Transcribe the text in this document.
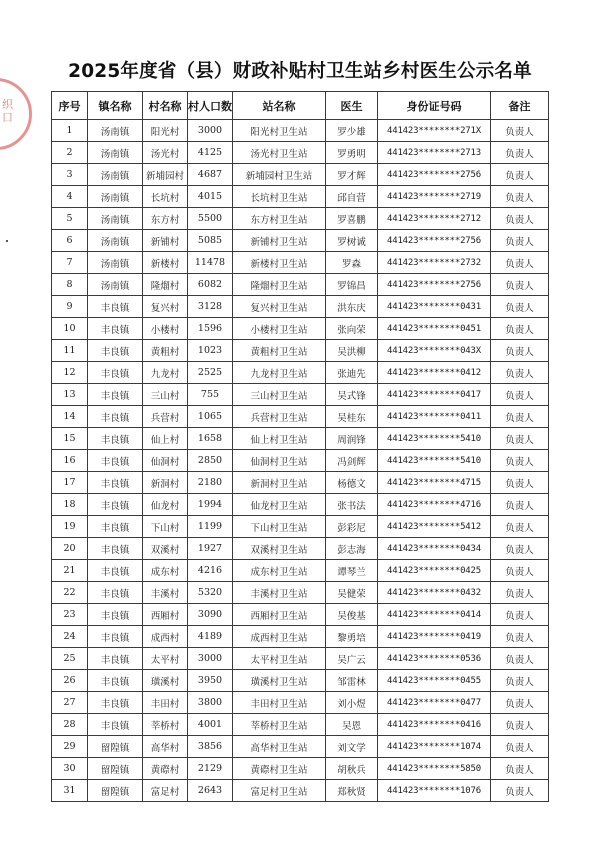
织
口
2025年度省（县）财政补贴村卫生站乡村医生公示名单
序号	镇名称	村名称	村人口数	站名称	医生	身份证号码	备注
1	汤南镇	阳光村	3000	阳光村卫生站	罗少雄	441423********271X	负责人
2	汤南镇	汤光村	4125	汤光村卫生站	罗勇明	441423********2713	负责人
3	汤南镇	新埔园村	4687	新埔园村卫生站	罗才辉	441423********2756	负责人
4	汤南镇	长坑村	4015	长坑村卫生站	邱自营	441423********2719	负责人
5	汤南镇	东方村	5500	东方村卫生站	罗喜鹏	441423********2712	负责人
6	汤南镇	新铺村	5085	新铺村卫生站	罗树诚	441423********2756	负责人
7	汤南镇	新楼村	11478	新楼村卫生站	罗森	441423********2732	负责人
8	汤南镇	隆熘村	6082	隆熘村卫生站	罗锦昌	441423********2756	负责人
9	丰良镇	复兴村	3128	复兴村卫生站	洪东庆	441423********0431	负责人
10	丰良镇	小楼村	1596	小楼村卫生站	张向荣	441423********0451	负责人
11	丰良镇	黄粗村	1023	黄粗村卫生站	吴洪柳	441423********043X	负责人
12	丰良镇	九龙村	2525	九龙村卫生站	张迪先	441423********0412	负责人
13	丰良镇	三山村	755	三山村卫生站	吴式锋	441423********0417	负责人
14	丰良镇	兵营村	1065	兵营村卫生站	吴桂东	441423********0411	负责人
15	丰良镇	仙上村	1658	仙上村卫生站	周润锋	441423********5410	负责人
16	丰良镇	仙洞村	2850	仙洞村卫生站	冯剑辉	441423********5410	负责人
17	丰良镇	新洞村	2180	新洞村卫生站	杨德文	441423********4715	负责人
18	丰良镇	仙龙村	1994	仙龙村卫生站	张书法	441423********4716	负责人
19	丰良镇	下山村	1199	下山村卫生站	彭彩尼	441423********5412	负责人
20	丰良镇	双溪村	1927	双溪村卫生站	彭志海	441423********0434	负责人
21	丰良镇	成东村	4216	成东村卫生站	谭琴兰	441423********0425	负责人
22	丰良镇	丰溪村	5320	丰溪村卫生站	吴健荣	441423********0432	负责人
23	丰良镇	西厢村	3090	西厢村卫生站	吴俊基	441423********0414	负责人
24	丰良镇	成西村	4189	成西村卫生站	黎勇培	441423********0419	负责人
25	丰良镇	太平村	3000	太平村卫生站	吴广云	441423********0536	负责人
26	丰良镇	璜溪村	3950	璜溪村卫生站	邹雷林	441423********0455	负责人
27	丰良镇	丰田村	3800	丰田村卫生站	刘小煜	441423********0477	负责人
28	丰良镇	莘桥村	4001	莘桥村卫生站	吴恩	441423********0416	负责人
29	留隍镇	高华村	3856	高华村卫生站	刘文学	441423********1074	负责人
30	留隍镇	黄磜村	2129	黄磜村卫生站	胡秋兵	441423********5850	负责人
31	留隍镇	富足村	2643	富足村卫生站	郑秋贤	441423********1076	负责人
